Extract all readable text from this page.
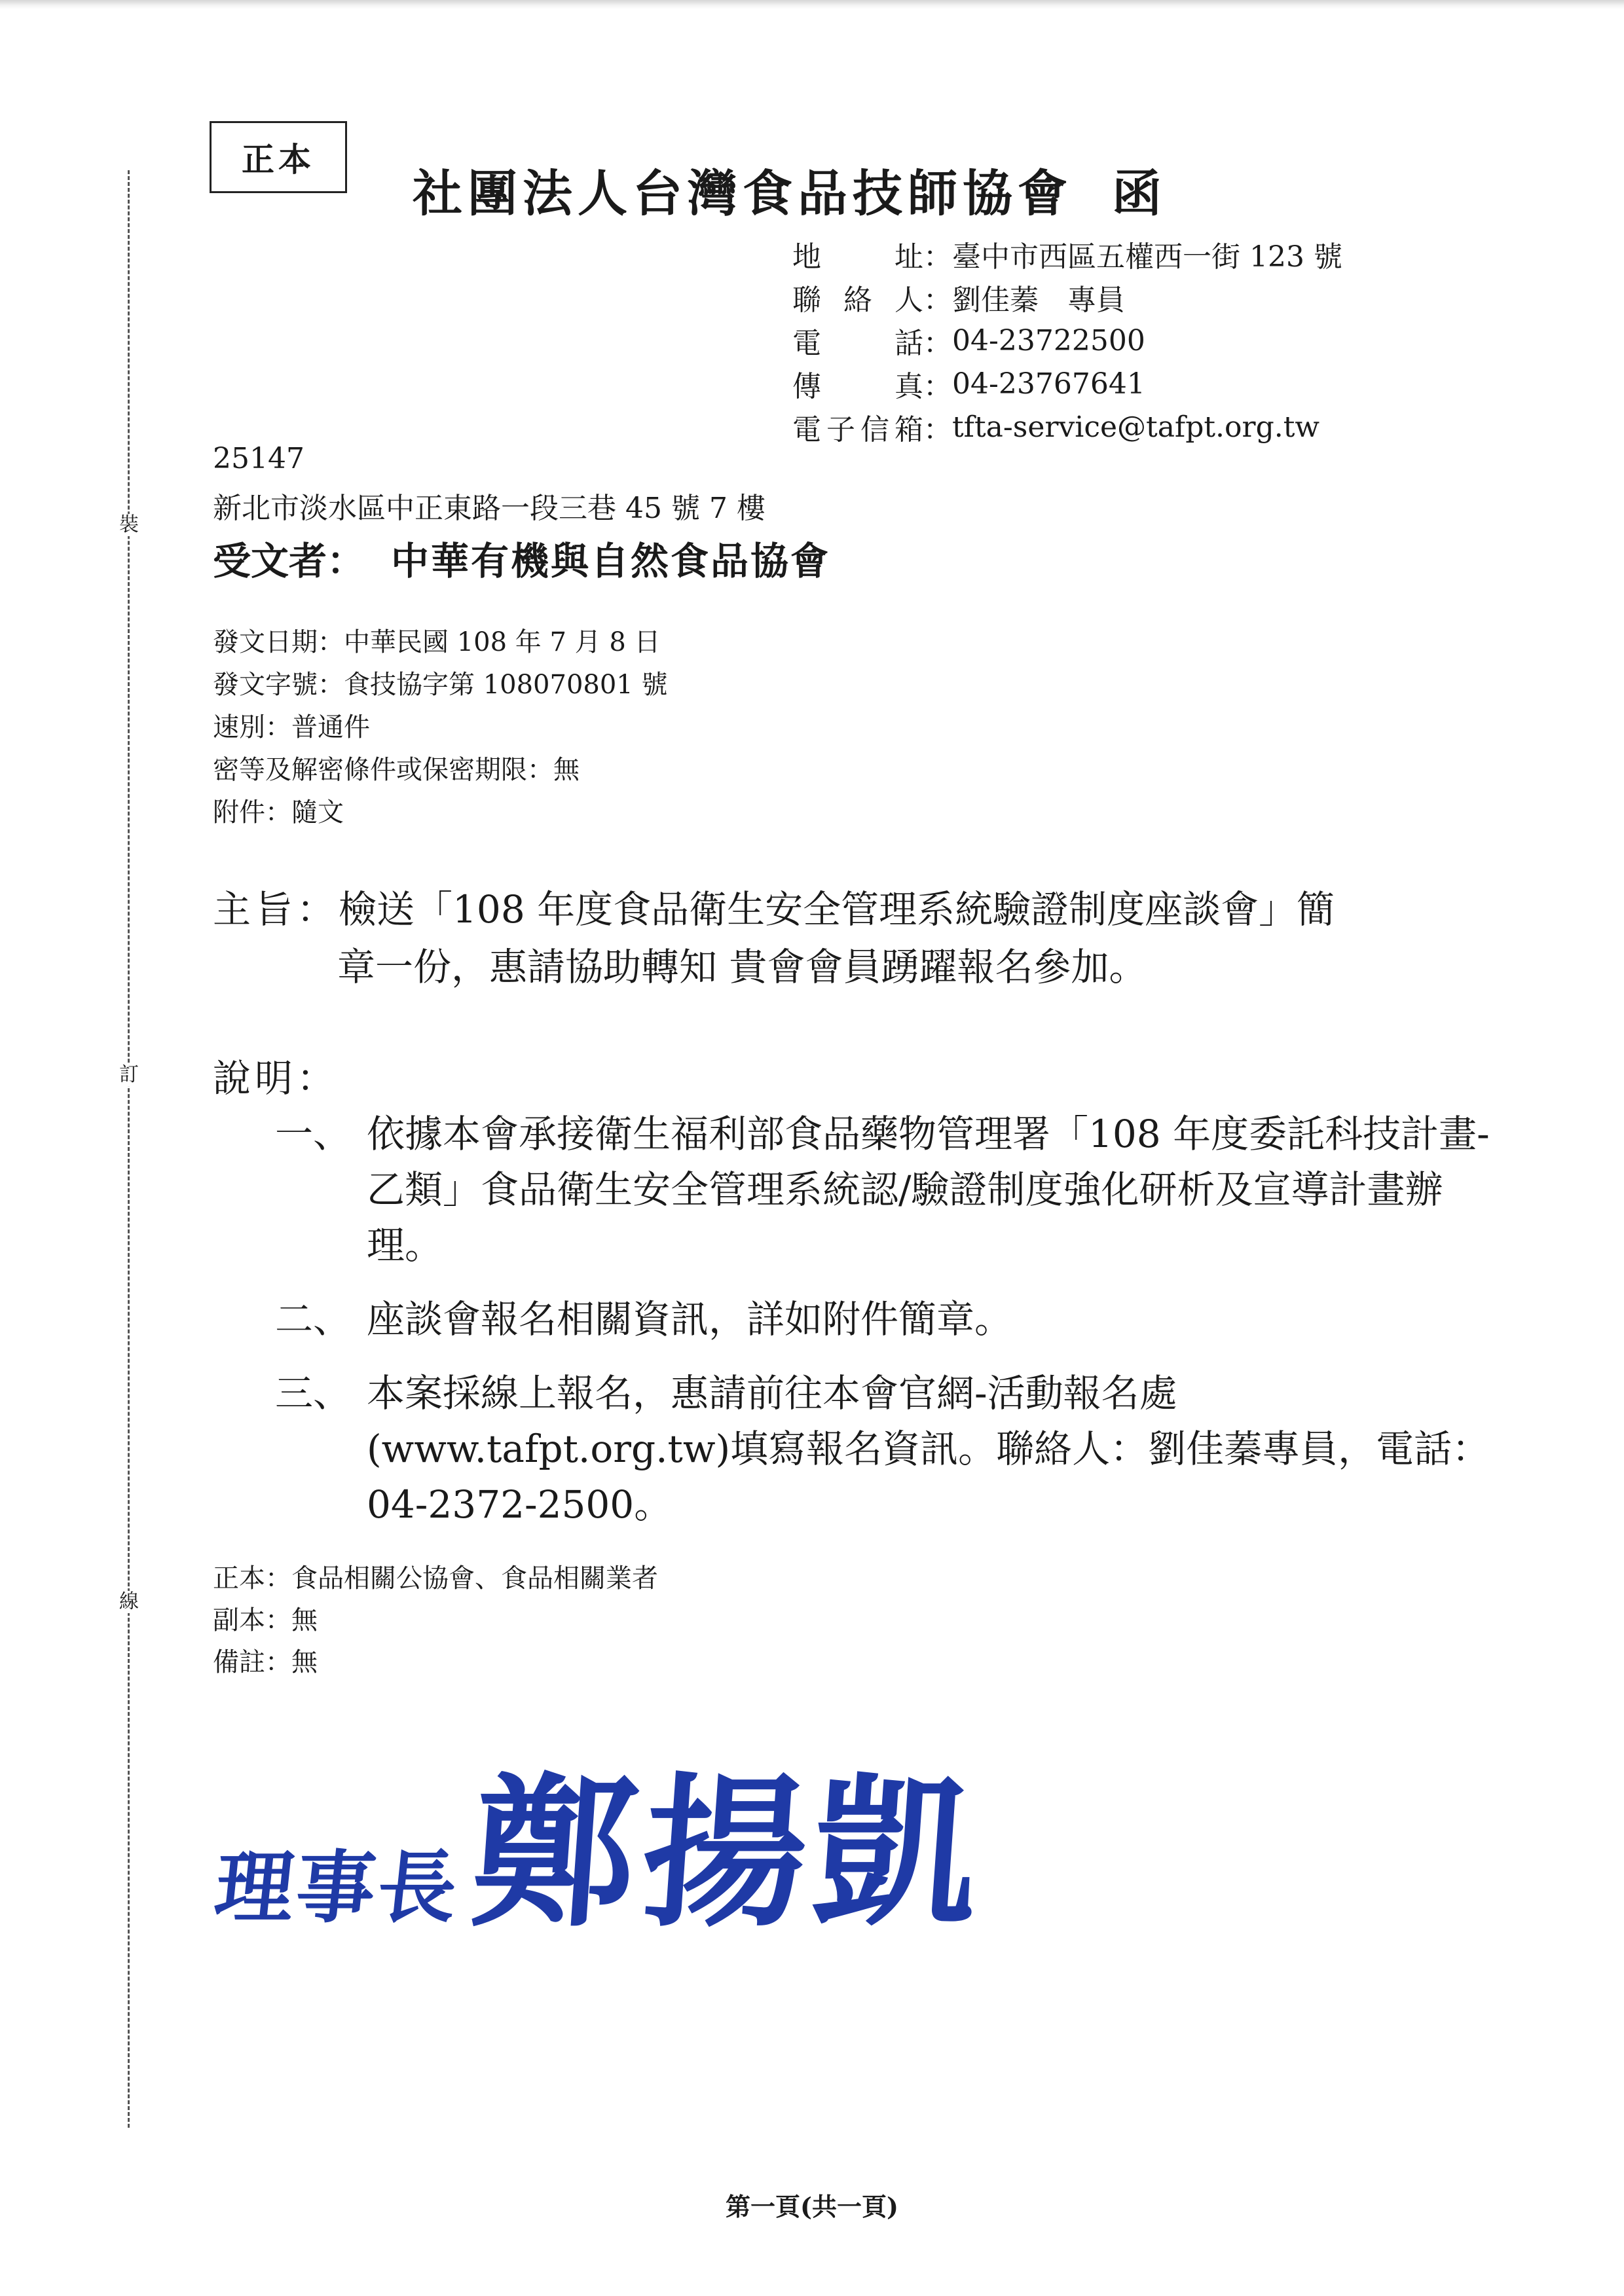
裝
訂
線
正本
社團法人台灣食品技師協會 函
地址 ： 臺中市西區五權西一街 123 號
聯絡人 ： 劉佳蓁　專員
電話 ： 04-23722500
傳真 ： 04-23767641
電子信箱 ： tfta-service@tafpt.org.tw
25147
新北市淡水區中正東路一段三巷 45 號 7 樓
受文者： 中華有機與自然食品協會
發文日期：中華民國 108 年 7 月 8 日
發文字號：食技協字第 108070801 號
速別：普通件
密等及解密條件或保密期限：無
附件：隨文
主旨：檢送「108 年度食品衛生安全管理系統驗證制度座談會」簡
章一份，惠請協助轉知 貴會會員踴躍報名參加。
說明：
一、 依據本會承接衛生福利部食品藥物管理署「108 年度委託科技計畫-乙類」食品衛生安全管理系統認/驗證制度強化研析及宣導計畫辦理。
二、 座談會報名相關資訊，詳如附件簡章。
三、 本案採線上報名，惠請前往本會官網-活動報名處(www.tafpt.org.tw)填寫報名資訊。聯絡人：劉佳蓁專員，電話：04-2372-2500。
正本：食品相關公協會、食品相關業者
副本：無
備註：無
理事長 鄭揚凱
第一頁(共一頁)
